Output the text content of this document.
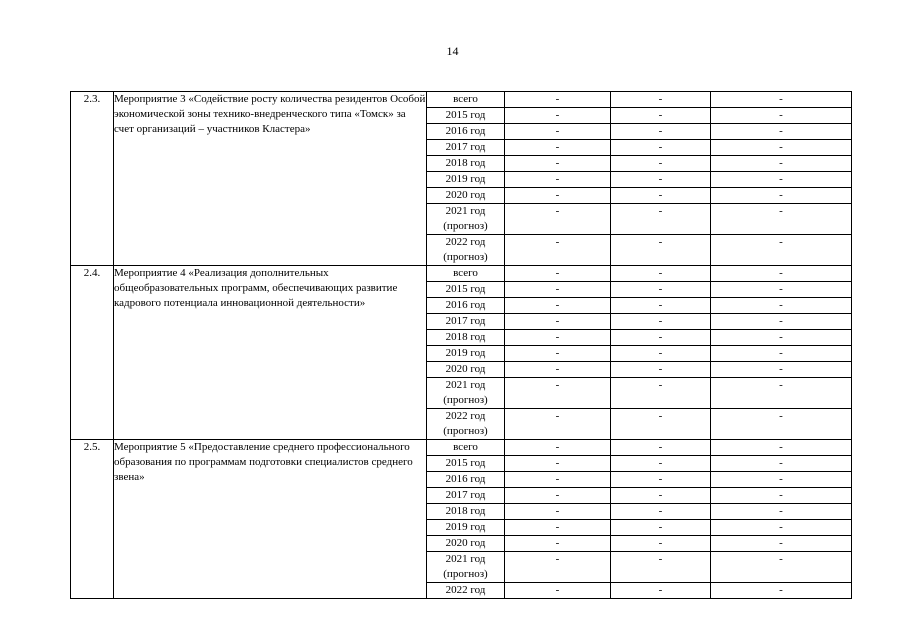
14
2.3.	Мероприятие 3 «Содействие росту количества резидентов Особой экономической зоны технико-внедренческого типа «Томск» за счет организаций – участников Кластера»	всего	-	-	-
		2015 год	-	-	-
		2016 год	-	-	-
		2017 год	-	-	-
		2018 год	-	-	-
		2019 год	-	-	-
		2020 год	-	-	-
		2021 год (прогноз)	-	-	-
		2022 год (прогноз)	-	-	-
2.4.	Мероприятие 4 «Реализация дополнительных общеобразовательных программ, обеспечивающих развитие кадрового потенциала инновационной деятельности»	всего	-	-	-
		2015 год	-	-	-
		2016 год	-	-	-
		2017 год	-	-	-
		2018 год	-	-	-
		2019 год	-	-	-
		2020 год	-	-	-
		2021 год (прогноз)	-	-	-
		2022 год (прогноз)	-	-	-
2.5.	Мероприятие 5 «Предоставление среднего профессионального образования по программам подготовки специалистов среднего звена»	всего	-	-	-
		2015 год	-	-	-
		2016 год	-	-	-
		2017 год	-	-	-
		2018 год	-	-	-
		2019 год	-	-	-
		2020 год	-	-	-
		2021 год (прогноз)	-	-	-
		2022 год	-	-	-
